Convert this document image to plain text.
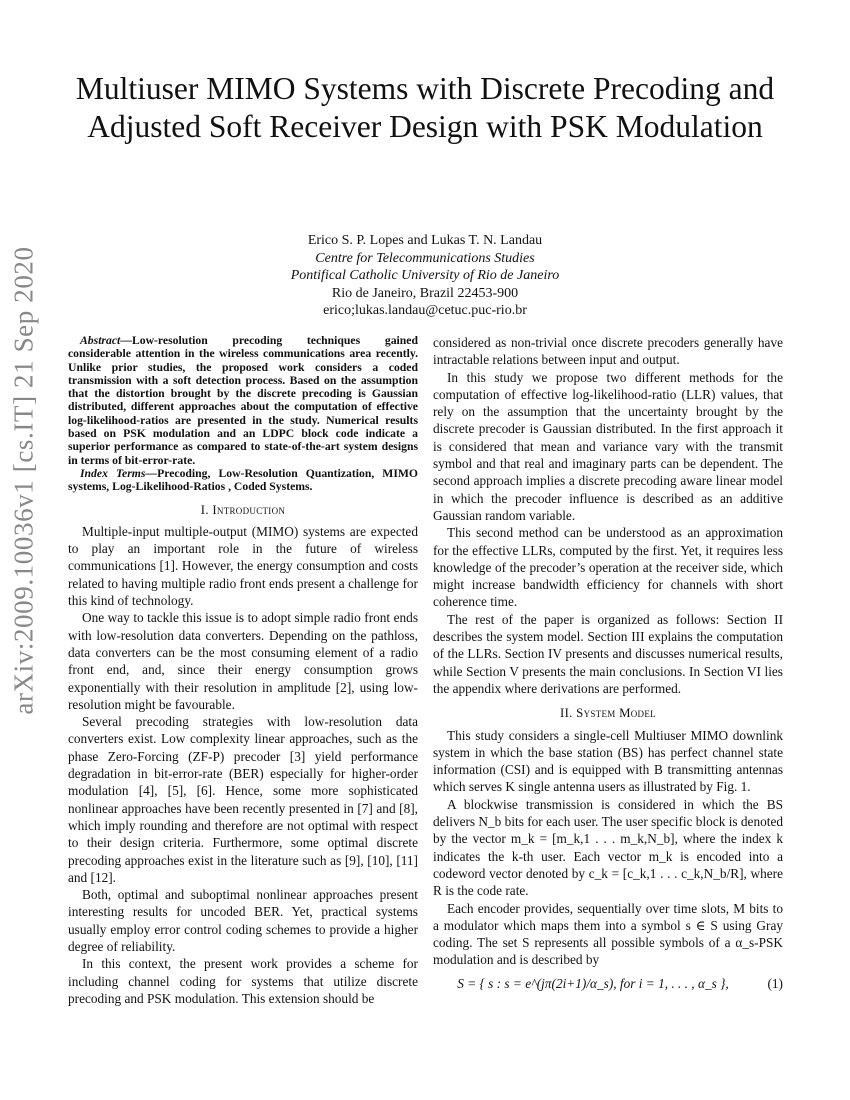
arXiv:2009.10036v1 [cs.IT] 21 Sep 2020
Multiuser MIMO Systems with Discrete Precoding and Adjusted Soft Receiver Design with PSK Modulation
Erico S. P. Lopes and Lukas T. N. Landau
Centre for Telecommunications Studies
Pontifical Catholic University of Rio de Janeiro
Rio de Janeiro, Brazil 22453-900
erico;lukas.landau@cetuc.puc-rio.br

Abstract—Low-resolution precoding techniques gained considerable attention in the wireless communications area recently. Unlike prior studies, the proposed work considers a coded transmission with a soft detection process. Based on the assumption that the distortion brought by the discrete precoding is Gaussian distributed, different approaches about the computation of effective log-likelihood-ratios are presented in the study. Numerical results based on PSK modulation and an LDPC block code indicate a superior performance as compared to state-of-the-art system designs in terms of bit-error-rate.

Index Terms—Precoding, Low-Resolution Quantization, MIMO systems, Log-Likelihood-Ratios , Coded Systems.

I. Introduction

Multiple-input multiple-output (MIMO) systems are expected to play an important role in the future of wireless communications [1]. However, the energy consumption and costs related to having multiple radio front ends present a challenge for this kind of technology.

One way to tackle this issue is to adopt simple radio front ends with low-resolution data converters. Depending on the pathloss, data converters can be the most consuming element of a radio front end, and, since their energy consumption grows exponentially with their resolution in amplitude [2], using low-resolution might be favourable.

Several precoding strategies with low-resolution data converters exist. Low complexity linear approaches, such as the phase Zero-Forcing (ZF-P) precoder [3] yield performance degradation in bit-error-rate (BER) especially for higher-order modulation [4], [5], [6]. Hence, some more sophisticated nonlinear approaches have been recently presented in [7] and [8], which imply rounding and therefore are not optimal with respect to their design criteria. Furthermore, some optimal discrete precoding approaches exist in the literature such as [9], [10], [11] and [12].

Both, optimal and suboptimal nonlinear approaches present interesting results for uncoded BER. Yet, practical systems usually employ error control coding schemes to provide a higher degree of reliability.

In this context, the present work provides a scheme for including channel coding for systems that utilize discrete precoding and PSK modulation. This extension should be

considered as non-trivial once discrete precoders generally have intractable relations between input and output.

In this study we propose two different methods for the computation of effective log-likelihood-ratio (LLR) values, that rely on the assumption that the uncertainty brought by the discrete precoder is Gaussian distributed. In the first approach it is considered that mean and variance vary with the transmit symbol and that real and imaginary parts can be dependent. The second approach implies a discrete precoding aware linear model in which the precoder influence is described as an additive Gaussian random variable.

This second method can be understood as an approximation for the effective LLRs, computed by the first. Yet, it requires less knowledge of the precoder’s operation at the receiver side, which might increase bandwidth efficiency for channels with short coherence time.

The rest of the paper is organized as follows: Section II describes the system model. Section III explains the computation of the LLRs. Section IV presents and discusses numerical results, while Section V presents the main conclusions. In Section VI lies the appendix where derivations are performed.

II. System Model

This study considers a single-cell Multiuser MIMO downlink system in which the base station (BS) has perfect channel state information (CSI) and is equipped with B transmitting antennas which serves K single antenna users as illustrated by Fig. 1.

A blockwise transmission is considered in which the BS delivers N_b bits for each user. The user specific block is denoted by the vector m_k = [m_k,1 . . . m_k,N_b], where the index k indicates the k-th user. Each vector m_k is encoded into a codeword vector denoted by c_k = [c_k,1 . . . c_k,N_b/R], where R is the code rate.

Each encoder provides, sequentially over time slots, M bits to a modulator which maps them into a symbol s ∈ S using Gray coding. The set S represents all possible symbols of a α_s-PSK modulation and is described by

S = { s : s = e^(jπ(2i+1)/α_s), for i = 1, . . . , α_s },	(1)
